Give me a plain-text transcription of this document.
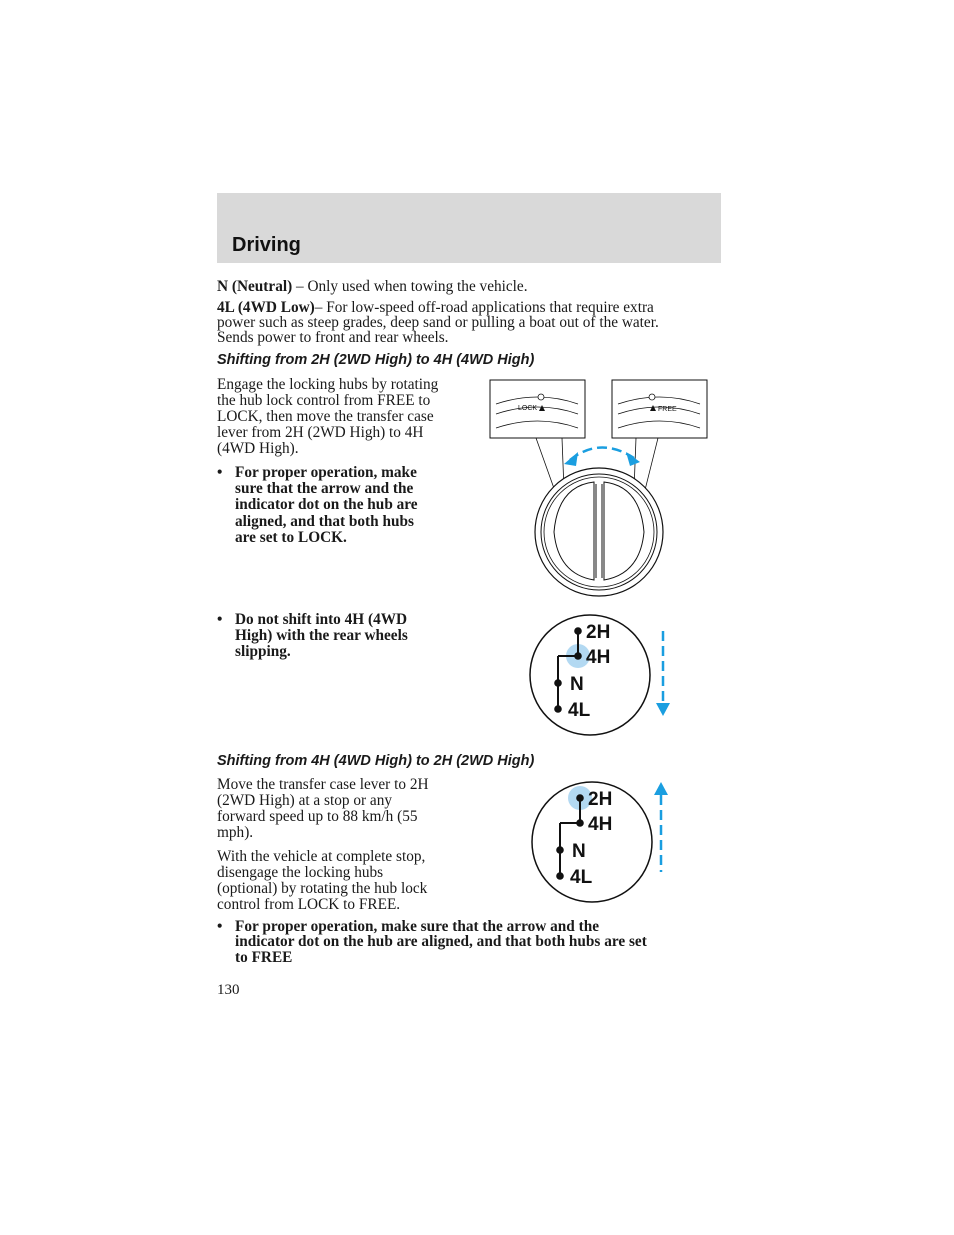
Driving

N (Neutral) – Only used when towing the vehicle.

4L (4WD Low)– For low-speed off-road applications that require extra

power such as steep grades, deep sand or pulling a boat out of the water.

Sends power to front and rear wheels.

Shifting from 2H (2WD High) to 4H (4WD High)

Engage the locking hubs by rotating

the hub lock control from FREE to

LOCK, then move the transfer case

lever from 2H (2WD High) to 4H

(4WD High).

• For proper operation, make
sure that the arrow and the
indicator dot on the hub are
aligned, and that both hubs
are set to LOCK.
• Do not shift into 4H (4WD
High) with the rear wheels
slipping.
LOCK	FREE
2H
4H
N
4L
Shifting from 4H (4WD High) to 2H (2WD High)

Move the transfer case lever to 2H

(2WD High) at a stop or any

forward speed up to 88 km/h (55

mph).

With the vehicle at complete stop,

disengage the locking hubs

(optional) by rotating the hub lock

control from LOCK to FREE.

• For proper operation, make sure that the arrow and the
indicator dot on the hub are aligned, and that both hubs are set
to FREE
2H
4H
N
4L
130
